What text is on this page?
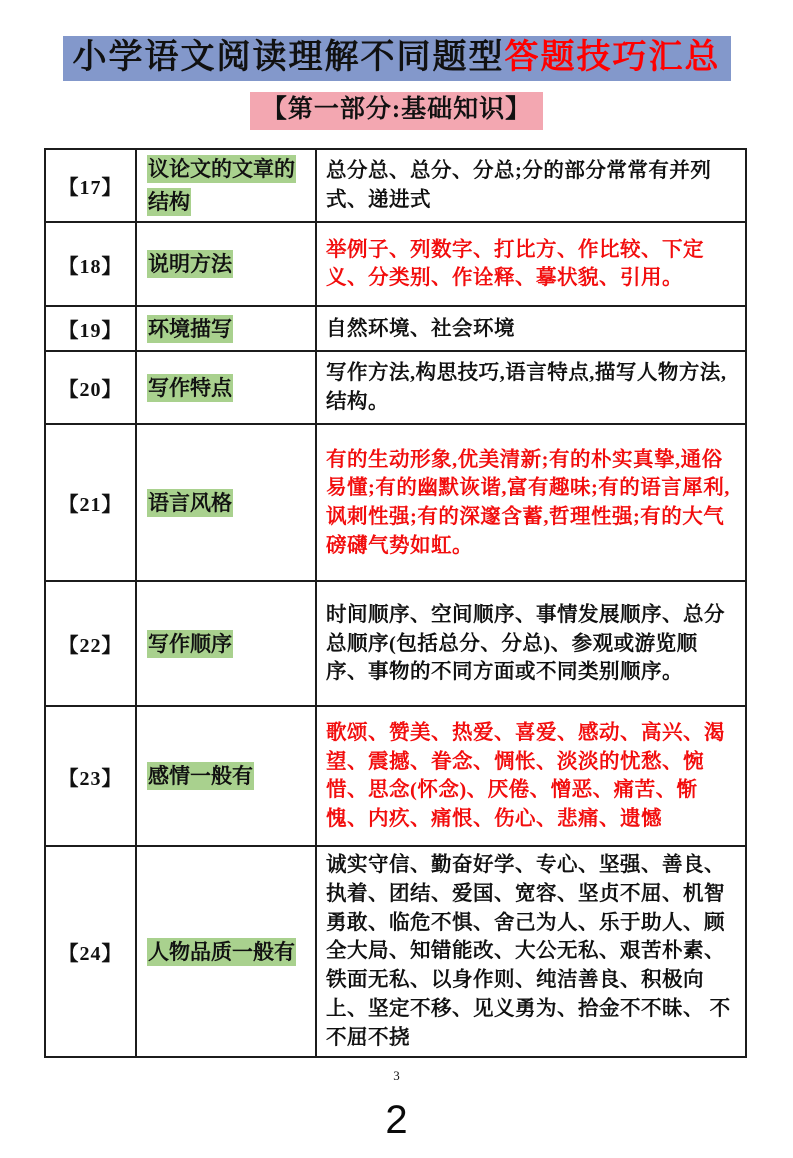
小学语文阅读理解不同题型答题技巧汇总
【第一部分:基础知识】
【17】	议论文的文章的结构	总分总、总分、分总;分的部分常常有并列式、递进式
【18】	说明方法	举例子、列数字、打比方、作比较、下定义、分类别、作诠释、摹状貌、引用。
【19】	环境描写	自然环境、社会环境
【20】	写作特点	写作方法,构思技巧,语言特点,描写人物方法,结构。
【21】	语言风格	有的生动形象,优美清新;有的朴实真挚,通俗易懂;有的幽默诙谐,富有趣味;有的语言犀利,讽刺性强;有的深邃含蓄,哲理性强;有的大气磅礴气势如虹。
【22】	写作顺序	时间顺序、空间顺序、事情发展顺序、总分总顺序(包括总分、分总)、参观或游览顺序、事物的不同方面或不同类别顺序。
【23】	感情一般有	歌颂、赞美、热爱、喜爱、感动、高兴、渴望、震撼、眷念、惆怅、淡淡的忧愁、惋惜、思念(怀念)、厌倦、憎恶、痛苦、惭愧、内疚、痛恨、伤心、悲痛、遗憾
【24】	人物品质一般有	诚实守信、勤奋好学、专心、坚强、善良、执着、团结、爱国、宽容、坚贞不屈、机智勇敢、临危不惧、舍己为人、乐于助人、顾全大局、知错能改、大公无私、艰苦朴素、铁面无私、以身作则、纯洁善良、积极向上、坚定不移、见义勇为、拾金不不昧、 不不屈不挠
3
2
